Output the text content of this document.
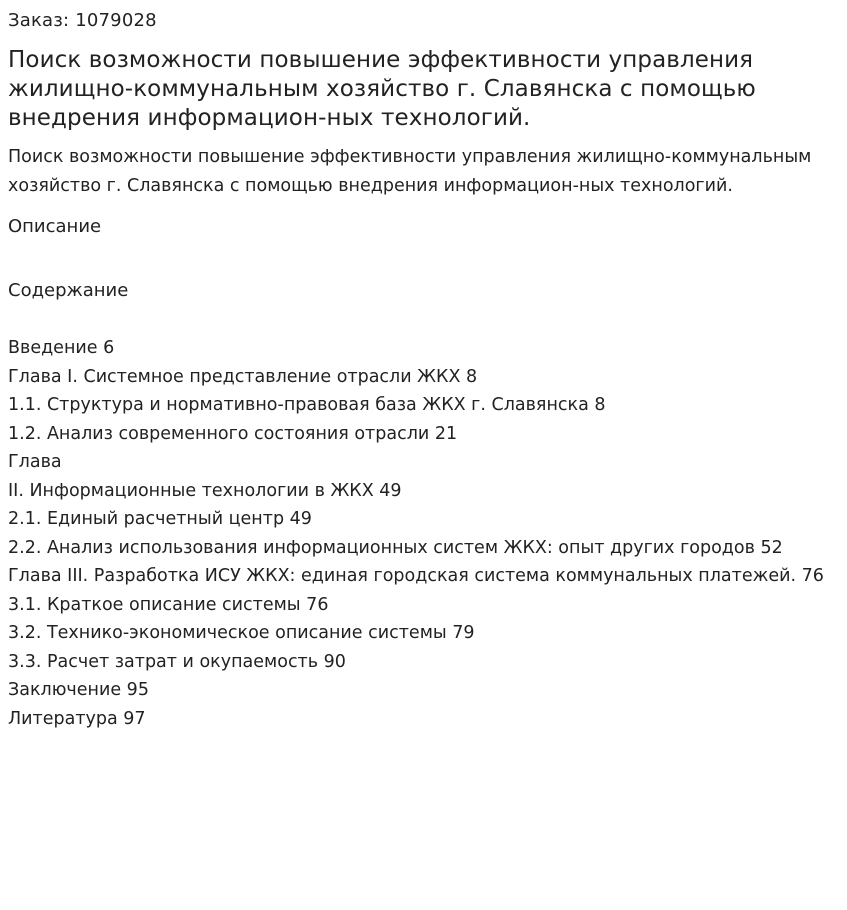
Заказ: 1079028
Поиск возможности повышение эффективности управления жилищно-коммунальным хозяйство г. Славянска с помощью внедрения информацион-ных технологий.

Поиск возможности повышение эффективности управления жилищно-коммунальным хозяйство г. Славянска с помощью внедрения информацион-ных технологий.

Описание
Содержание
Введение 6
Глава I. Системное представление отрасли ЖКХ 8
1.1. Структура и нормативно-правовая база ЖКХ г. Славянска 8
1.2. Анализ современного состояния отрасли 21
Глава
II. Информационные технологии в ЖКХ 49
2.1. Единый расчетный центр 49
2.2. Анализ использования информационных систем ЖКХ: опыт других городов 52
Глава III. Разработка ИСУ ЖКХ: единая городская система коммунальных платежей. 76
3.1. Краткое описание системы 76
3.2. Технико-экономическое описание системы 79
3.3. Расчет затрат и окупаемость 90
Заключение 95
Литература 97
